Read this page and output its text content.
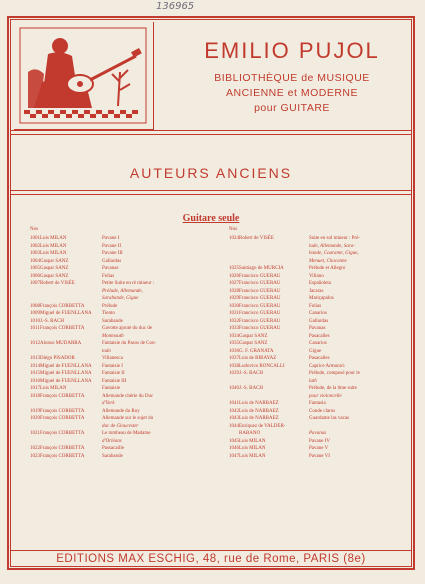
136965
EMILIO PUJOL
BIBLIOTHÈQUE de MUSIQUE
ANCIENNE et MODERNE
pour GUITARE
AUTEURS ANCIENS
Guitare seule
Nos	Nos
1001 Luis MILAN	Pavane I
1002 Luis MILAN	Pavane II
1003 Luis MILAN	Pavane III
1004 Gaspar SANZ	Gallardas
1005 Gaspar SANZ	Pavanas
1006 Gaspar SANZ	Folias
1007 Robert de VISÉE	Petite Suite en ré mineur :
Prélude, Allemande,
Sarabande, Gigue
1008 François CORBETTA	Prélude
1009 Miguel de FUENLLANA Tiento
1010 J.-S. BACH	Sarabande
1011 François CORBETTA	Gavotte ajouté du duc de
Monmouth
1012 Alonso MUDARRA	Fantaisie du Pasos de Con-
tado
1013 Diégo PISADOR	Villanesca
1014 Miguel de FUENLLANA Fantaisie I
1015 Miguel de FUENLLANA Fantaisie II
1016 Miguel de FUENLLANA Fantaisie III
1017 Luis MILAN	Fantaisie
1018 François CORBETTA	Allemande chérie du Duc
d'York
1019 François CORBETTA	Allemande du Roy
1020 François CORBETTA	Allemande sur le sujet du
duc de Gloucester
1021 François CORBETTA	Le tombeau de Madame
d'Orléans
1022 François CORBETTA	Passacaille
1023 François CORBETTA	Sarabande
1024 Robert de VISÉE	Suite en sol mineur : Pré-
lude, Allemande, Sara-
bande, Courante, Gigue,
Menuet, Chaconne
1025 Santiago de MURCIA	Prélude et Allegro
1026 Francisco GUERAU	Villano
1027 Francisco GUERAU	Españoleta
1028 Francisco GUERAU	Jacaras
1029 Francisco GUERAU	Mariçapalos
1030 Francisco GUERAU	Folias
1031 Francisco GUERAU	Canarios
1032 Francisco GUERAU	Gallardas
1033 Francisco GUERAU	Pavanas
1034 Gaspar SANZ	Pasacalles
1035 Gaspar SANZ	Canarios
1036 G. F. GRANATA	Gigue
1037 Luis de RIBAYAZ	Pasacalles
1038 Ludovico RONCALLI	Caprice Armonici
1039 J.-S. BACH	Prélude, composé pour le
luth
1040 J.-S. BACH	Prélude, de la 6me suite
pour violoncelle
1041 Luis de NARBAEZ	Fantasia
1042 Luis de NARBAEZ	Conde claros
1043 Luis de NARBAEZ	Guardame las vacas
1044 Enriquez de VALDER-
RABANO	Pavanas
1045 Luis MILAN	Pavane IV
1046 Luis MILAN	Pavane V
1047 Luis MILAN	Pavane VI
EDITIONS MAX ESCHIG, 48, rue de Rome, PARIS (8e)
